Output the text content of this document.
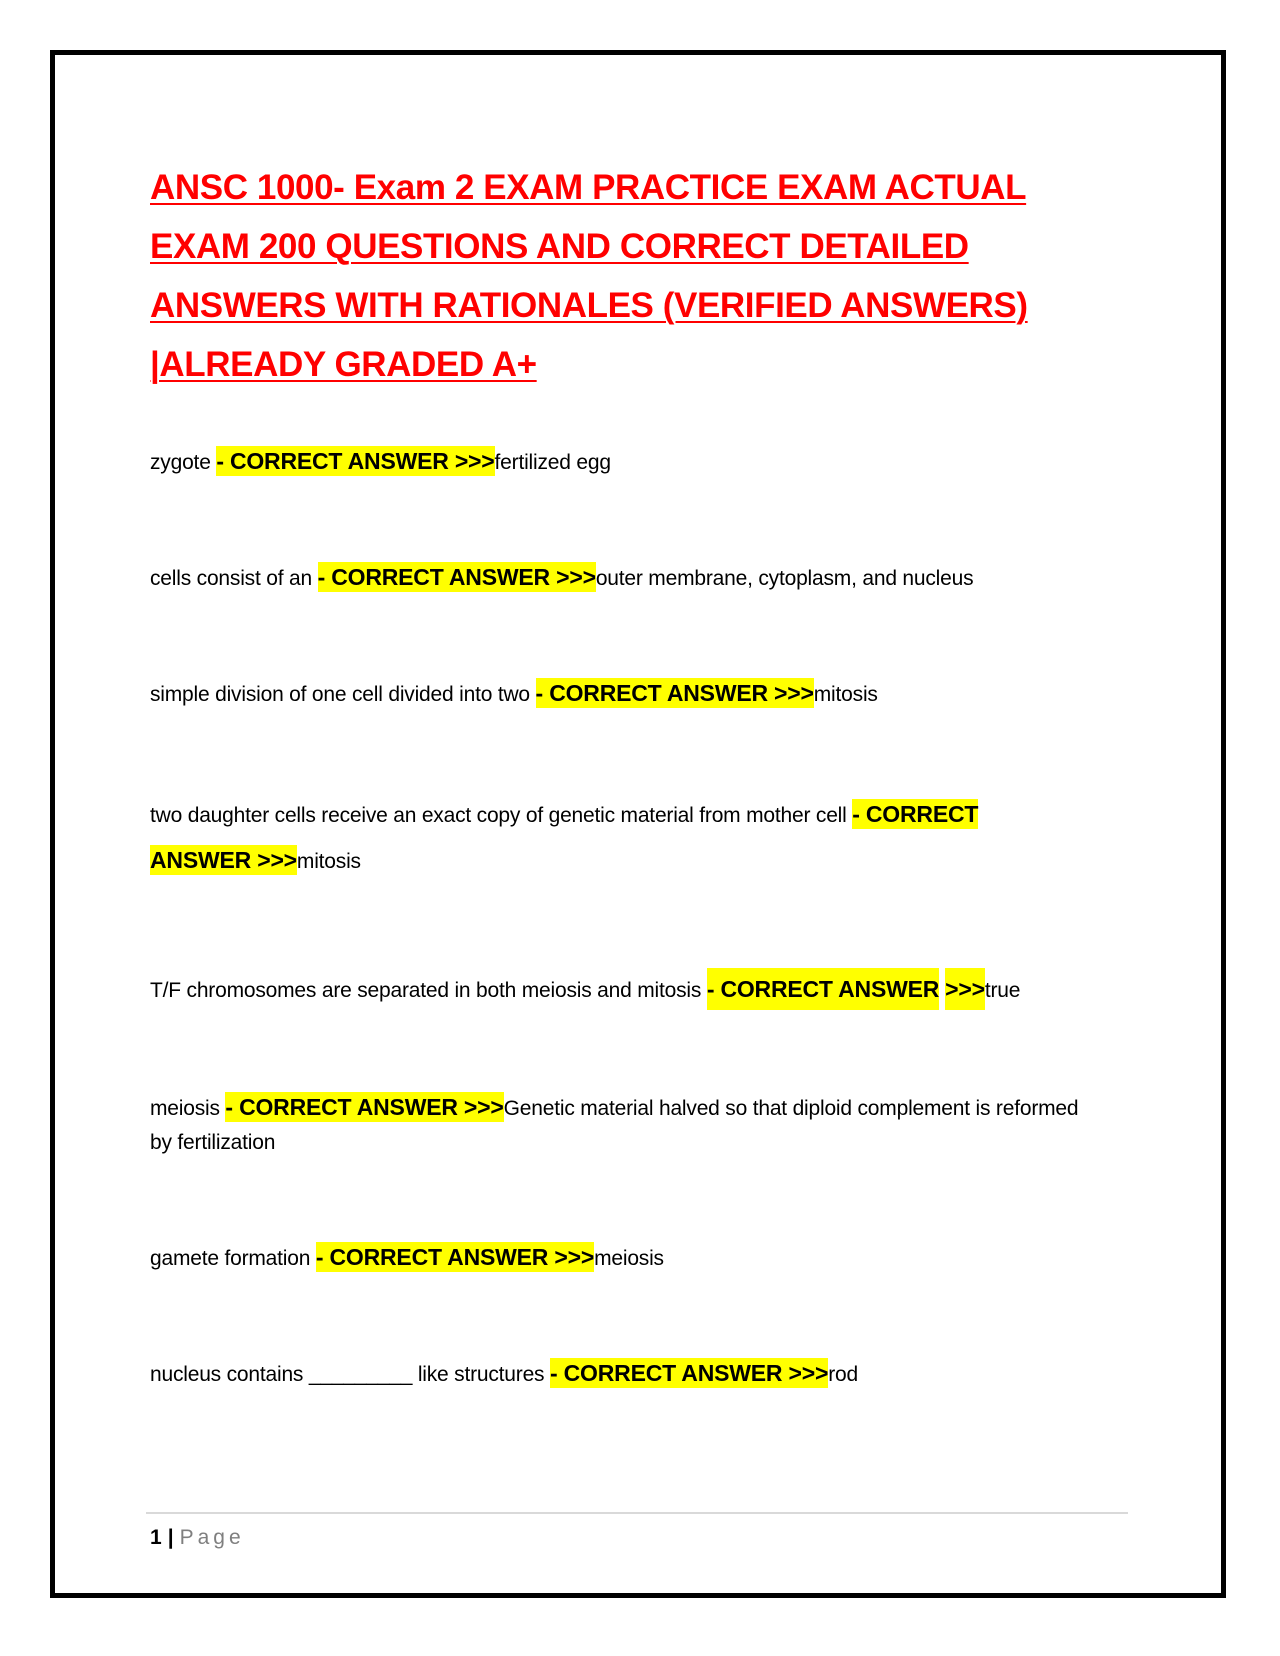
ANSC 1000- Exam 2 EXAM PRACTICE EXAM ACTUAL
EXAM 200 QUESTIONS AND CORRECT DETAILED
ANSWERS WITH RATIONALES (VERIFIED ANSWERS)
|ALREADY GRADED A+
zygote - CORRECT ANSWER >>>fertilized egg
cells consist of an - CORRECT ANSWER >>>outer membrane, cytoplasm, and nucleus
simple division of one cell divided into two - CORRECT ANSWER >>>mitosis
two daughter cells receive an exact copy of genetic material from mother cell - CORRECT ANSWER >>>mitosis
T/F chromosomes are separated in both meiosis and mitosis - CORRECT ANSWER >>>true
meiosis - CORRECT ANSWER >>>Genetic material halved so that diploid complement is reformed by fertilization
gamete formation - CORRECT ANSWER >>>meiosis
nucleus contains _________ like structures - CORRECT ANSWER >>>rod
1 | Page
